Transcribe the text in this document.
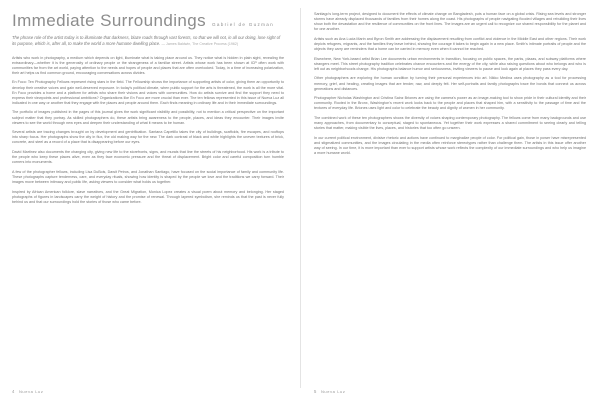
Immediate Surroundings Gabriel de Guzman
The phrase role of the artist today is to illuminate that darkness, blaze roads through vast forests, so that we will not, in all our doing, lose sight of its purpose, which is, after all, to make the world a more humane dwelling place. — James Baldwin, The Creative Process (1962)

Artists who work in photography, a medium which depends on light, illuminate what is taking place around us. They notice what is hidden in plain sight, revealing the extraordinary—whether it is the generosity of ordinary people or the strangeness of a familiar street. Artists whose work has been shown at ICP often work with communities far from the art world, paying attention to the needs and hopes of people and places that are often overlooked. Today, in a time of increasing polarization, their art helps us find common ground, encouraging conversations across divides.

En Foco: Ten Photography Fellows represent rising stars in the field. The Fellowship shows the importance of supporting artists of color, giving them an opportunity to develop their creative voices and gain well-deserved exposure. In today's political climate, when public support for the arts is threatened, the work is all the more vital. En Foco provides a home and a platform for artists who share their visions and voices with communities. How do artists survive and find the support they need to express their viewpoints and professional ambitions? Organizations like En Foco are more crucial than ever. The ten fellows represented in this issue of Nueva Luz all indicated in one way or another that they engage with the places and people around them. Each finds meaning in ordinary life and in their immediate surroundings.

The portfolio of images published in the pages of this journal gives the work significant visibility and possibility, not to mention a critical perspective on the important subject matter that they portray. As skilled photographers do, these artists bring awareness to the people, places, and ideas they encounter. Their images invite viewers to see the world through new eyes and deepen their understanding of what it means to be human.

Several artists are tracing changes brought on by development and gentrification. Santana Capetillo takes the city of buildings, scaffolds, fire escapes, and rooftops into sharp focus. Her photographs show the city in flux, the old making way for the new. The dark contrast of black and white highlights the uneven textures of brick, concrete, and steel as a record of a place that is disappearing before our eyes.

David Martinez also documents the changing city, giving new life to the storefronts, signs, and murals that line the streets of his neighborhood. His work is a tribute to the people who keep these places alive, even as they face economic pressure and the threat of displacement. Bright color and careful composition turn humble corners into monuments.

A few of the photographer fellows, including Lisa DuBois, Dawit Petros, and Jonathan Santiago, have focused on the social importance of family and community life. These photographs capture tenderness, care, and everyday rituals, showing how identity is shaped by the people we love and the traditions we carry forward. Their images move between intimacy and public life, asking viewers to consider what holds us together.

Inspired by African American folklore, slave narratives, and the Great Migration, Monica Lopez creates a visual poem about memory and belonging. Her staged photographs of figures in landscapes carry the weight of history and the promise of renewal. Through layered symbolism, she reminds us that the past is never fully behind us and that our surroundings hold the stories of those who came before.

Santiago's long-term project, designed to document the effects of climate change on Bangladesh, puts a human face on a global crisis. Rising sea levels and stronger storms have already displaced thousands of families from their homes along the coast. His photographs of people navigating flooded villages and rebuilding their lives show both the devastation and the resilience of communities on the front lines. The images are an urgent call to recognize our shared responsibility for the planet and for one another.

Artists such as Ana Lucia Marin and Byron Smith are addressing the displacement resulting from conflict and violence in the Middle East and other regions. Their work depicts refugees, migrants, and the families they leave behind, showing the courage it takes to begin again in a new place. Smith's intimate portraits of people and the objects they carry are reminders that a home can be carried in memory even when it cannot be reached.

Elsewhere, New York-based artist Brian Lee documents urban environments in transition, focusing on public spaces, the parks, plazas, and subway platforms where strangers meet. This street photography tradition celebrates chance encounters and the energy of the city, while also raising questions about who belongs and who is left out as neighborhoods change. His photographs balance humor and seriousness, inviting viewers to pause and look again at places they pass every day.

Other photographers are exploring the human condition by turning their personal experiences into art. Nikko Medina uses photography as a tool for processing memory, grief, and healing, creating images that are tender, raw, and deeply felt. Her self-portraits and family photographs trace the bonds that connect us across generations and distances.

Photographer Nicholas Washington and Cristina Sainz Briones are using the camera's power as an image-making tool to show pride in their cultural identity and their community. Rooted in the Bronx, Washington's recent work looks back to the people and places that shaped him, with a sensitivity to the passage of time and the textures of everyday life. Briones uses light and color to celebrate the beauty and dignity of women in her community.

The combined work of these ten photographers shows the diversity of voices shaping contemporary photography. The fellows come from many backgrounds and use many approaches, from documentary to conceptual, staged to spontaneous. Yet together their work expresses a shared commitment to seeing clearly and telling stories that matter, making visible the lives, places, and histories that too often go unseen.

In our current political environment, divisive rhetoric and actions have continued to marginalize people of color. For political gain, those in power have misrepresented and stigmatized communities, and the images circulating in the media often reinforce stereotypes rather than challenge them. The artists in this issue offer another way of seeing. In our time, it is more important than ever to support artists whose work reflects the complexity of our immediate surroundings and who help us imagine a more humane world.

4 Nueva Luz	5 Nueva Luz
